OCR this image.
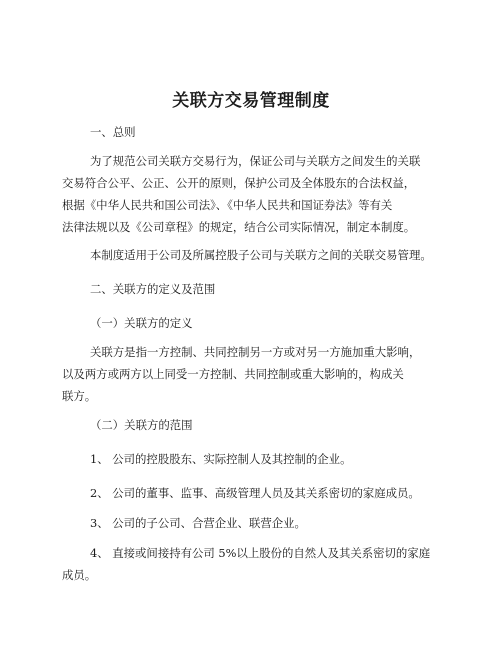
关联方交易管理制度
一、总则
为了规范公司关联方交易行为，保证公司与关联方之间发生的关联
交易符合公平、公正、公开的原则，保护公司及全体股东的合法权益，
根据《中华人民共和国公司法》、《中华人民共和国证券法》等有关
法律法规以及《公司章程》的规定，结合公司实际情况，制定本制度。
本制度适用于公司及所属控股子公司与关联方之间的关联交易管理。
二、关联方的定义及范围
（一）关联方的定义
关联方是指一方控制、共同控制另一方或对另一方施加重大影响，
以及两方或两方以上同受一方控制、共同控制或重大影响的，构成关
联方。
（二）关联方的范围
1、 公司的控股股东、实际控制人及其控制的企业。
2、 公司的董事、监事、高级管理人员及其关系密切的家庭成员。
3、 公司的子公司、合营企业、联营企业。
4、 直接或间接持有公司 5%以上股份的自然人及其关系密切的家庭
成员。
